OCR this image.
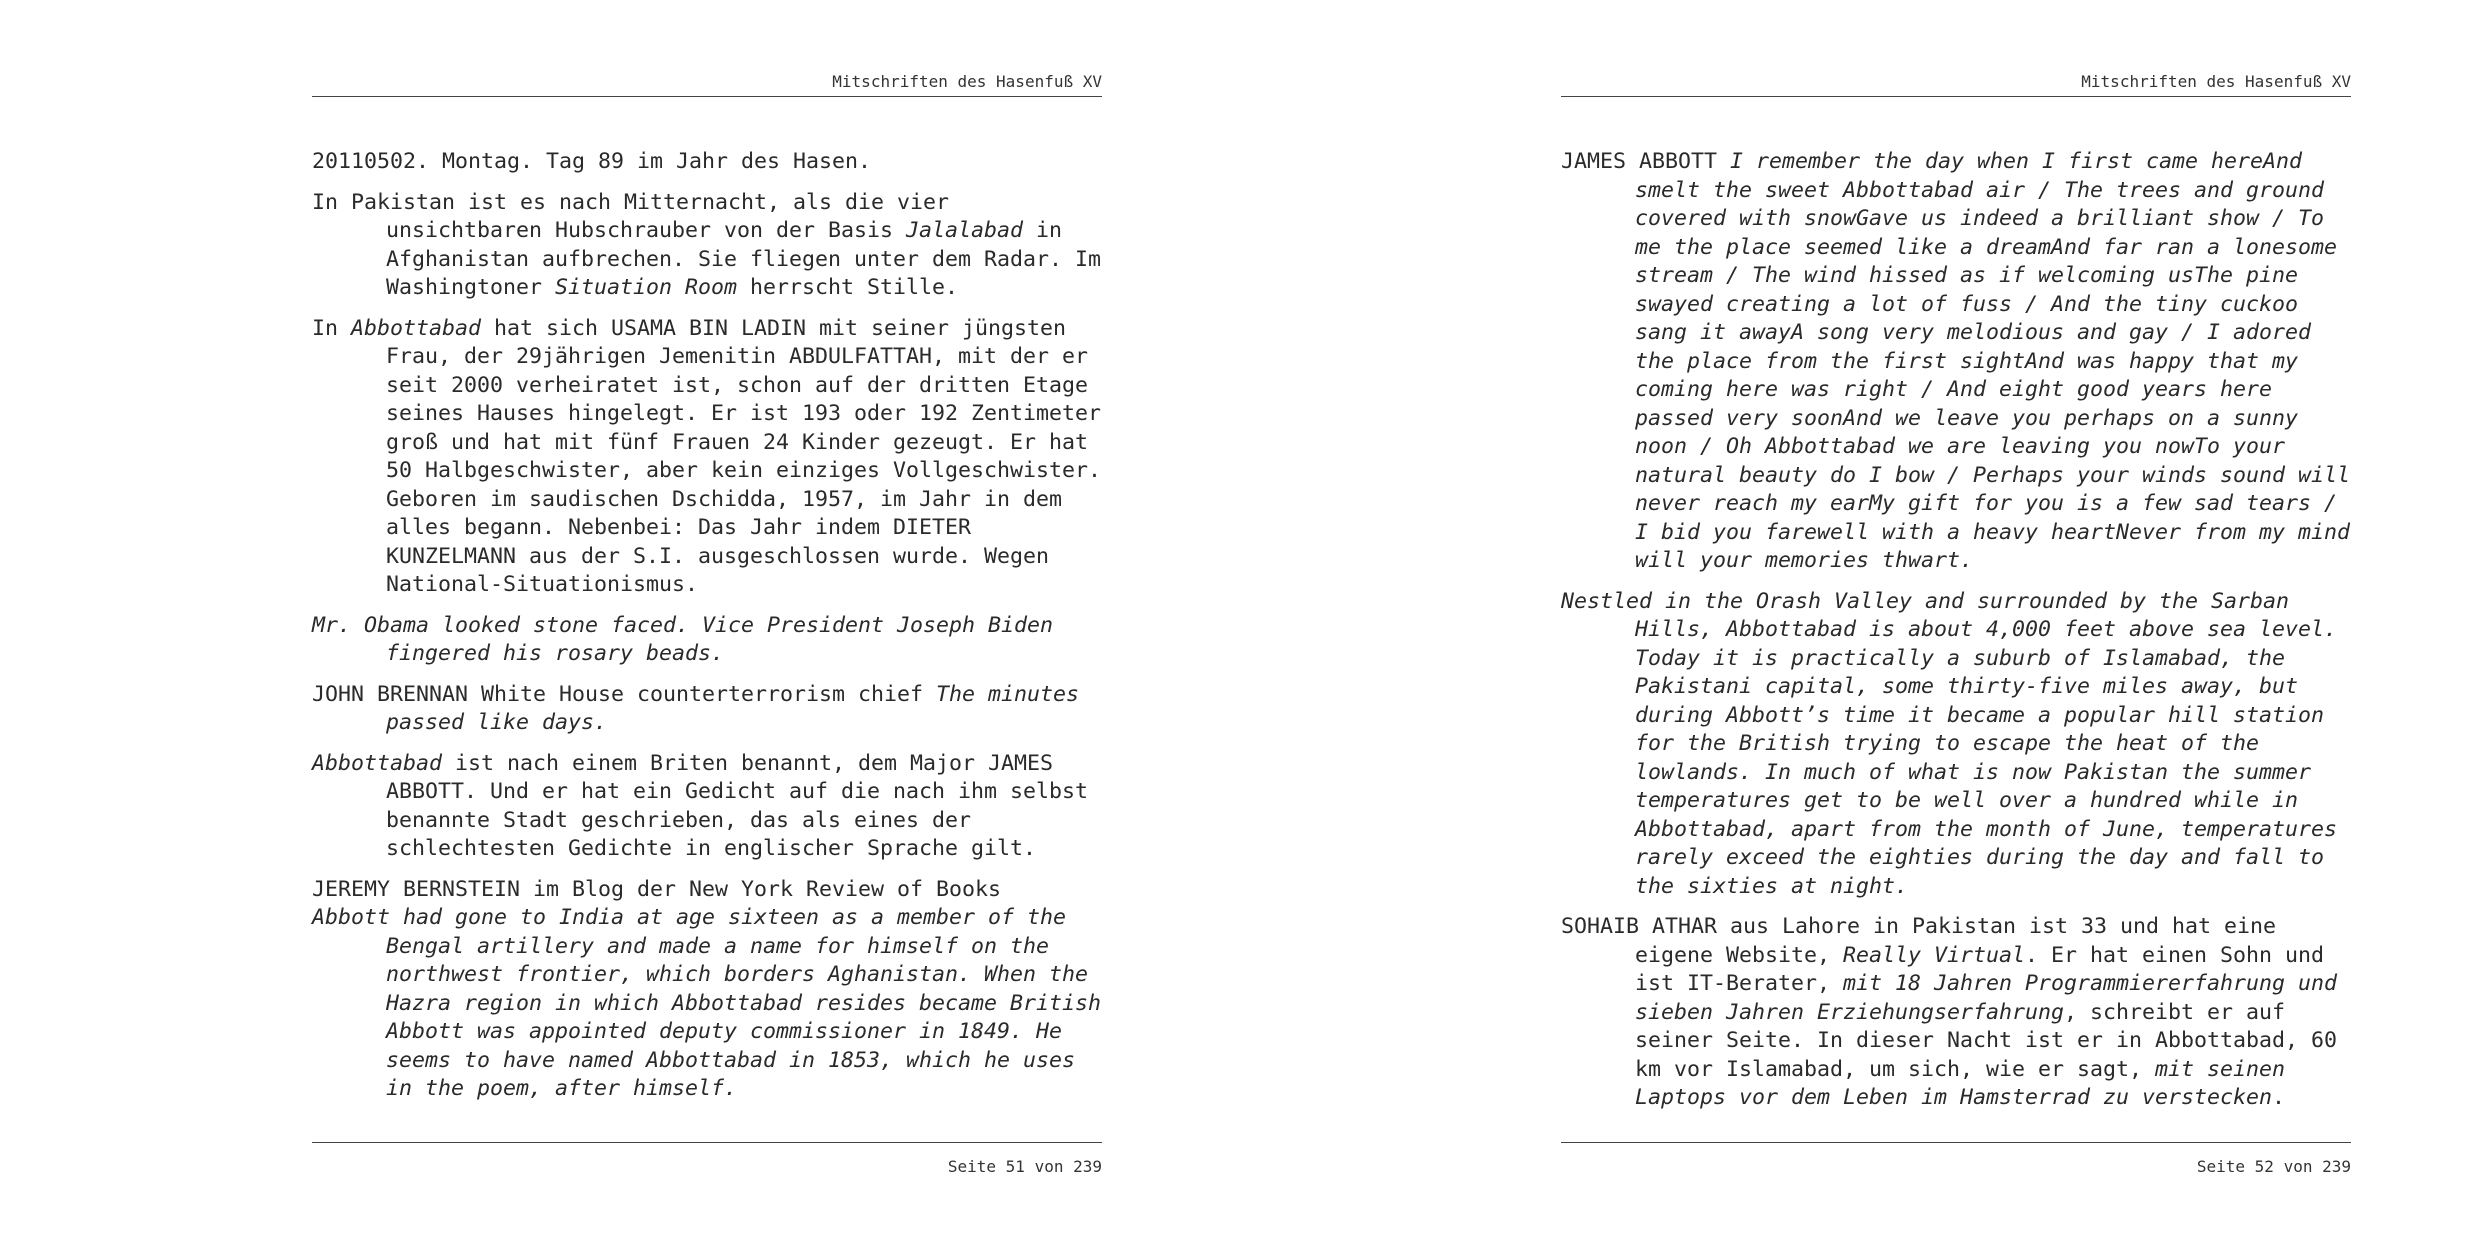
Mitschriften des Hasenfuß XV

20110502. Montag. Tag 89 im Jahr des Hasen.

In Pakistan ist es nach Mitternacht, als die vier unsichtbaren Hubschrauber von der Basis Jalalabad in Afghanistan aufbrechen. Sie fliegen unter dem Radar. Im Washingtoner Situation Room herrscht Stille.

In Abbottabad hat sich USAMA BIN LADIN mit seiner jüngsten Frau, der 29jährigen Jemenitin ABDULFATTAH, mit der er seit 2000 verheiratet ist, schon auf der dritten Etage seines Hauses hingelegt. Er ist 193 oder 192 Zentimeter groß und hat mit fünf Frauen 24 Kinder gezeugt. Er hat 50 Halbgeschwister, aber kein einziges Vollgeschwister. Geboren im saudischen Dschidda, 1957, im Jahr in dem alles begann. Nebenbei: Das Jahr indem DIETER KUNZELMANN aus der S.I. ausgeschlossen wurde. Wegen National-Situationismus.

Mr. Obama looked stone faced. Vice President Joseph Biden fingered his rosary beads.

JOHN BRENNAN White House counterterrorism chief The minutes passed like days.

Abbottabad ist nach einem Briten benannt, dem Major JAMES ABBOTT. Und er hat ein Gedicht auf die nach ihm selbst benannte Stadt geschrieben, das als eines der schlechtesten Gedichte in englischer Sprache gilt.

JEREMY BERNSTEIN im Blog der New York Review of Books
Abbott had gone to India at age sixteen as a member of the Bengal artillery and made a name for himself on the northwest frontier, which borders Aghanistan. When the Hazra region in which Abbottabad resides became British Abbott was appointed deputy commissioner in 1849. He seems to have named Abbottabad in 1853, which he uses in the poem, after himself.

Seite 51 von 239
Mitschriften des Hasenfuß XV

JAMES ABBOTT I remember the day when I first came hereAnd smelt the sweet Abbottabad air / The trees and ground covered with snowGave us indeed a brilliant show / To me the place seemed like a dreamAnd far ran a lonesome stream / The wind hissed as if welcoming usThe pine swayed creating a lot of fuss / And the tiny cuckoo sang it awayA song very melodious and gay / I adored the place from the first sightAnd was happy that my coming here was right / And eight good years here passed very soonAnd we leave you perhaps on a sunny noon / Oh Abbottabad we are leaving you nowTo your natural beauty do I bow / Perhaps your winds sound will never reach my earMy gift for you is a few sad tears / I bid you farewell with a heavy heartNever from my mind will your memories thwart.

Nestled in the Orash Valley and surrounded by the Sarban Hills, Abbottabad is about 4,000 feet above sea level. Today it is practically a suburb of Islamabad, the Pakistani capital, some thirty-five miles away, but during Abbott’s time it became a popular hill station for the British trying to escape the heat of the lowlands. In much of what is now Pakistan the summer temperatures get to be well over a hundred while in Abbottabad, apart from the month of June, temperatures rarely exceed the eighties during the day and fall to the sixties at night.

SOHAIB ATHAR aus Lahore in Pakistan ist 33 und hat eine eigene Website, Really Virtual. Er hat einen Sohn und ist IT-Berater, mit 18 Jahren Programmiererfahrung und sieben Jahren Erziehungserfahrung, schreibt er auf seiner Seite. In dieser Nacht ist er in Abbottabad, 60 km vor Islamabad, um sich, wie er sagt, mit seinen Laptops vor dem Leben im Hamsterrad zu verstecken.

Seite 52 von 239
